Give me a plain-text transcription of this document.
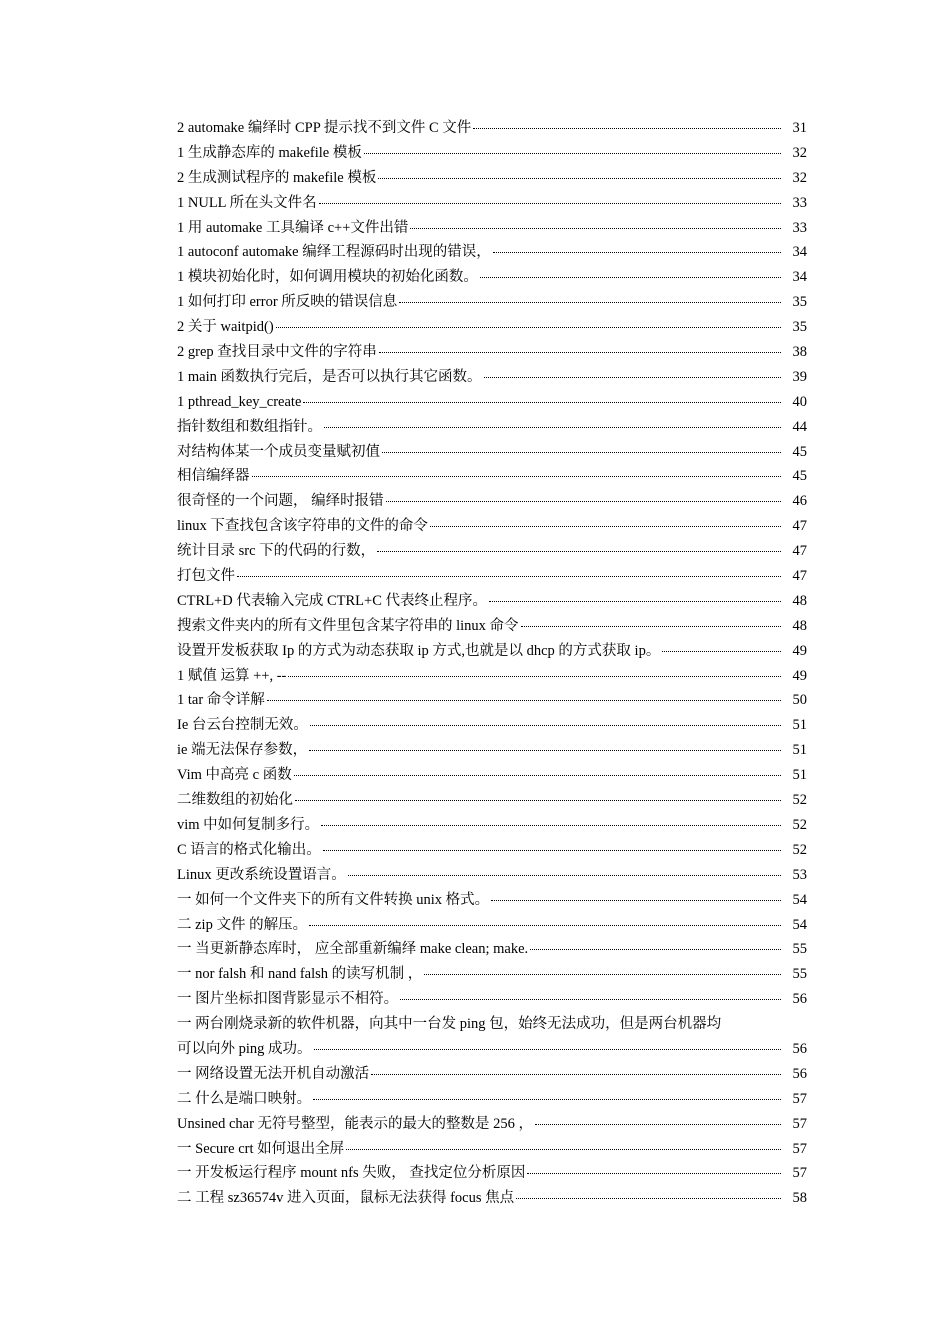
2 automake 编绎时 CPP 提示找不到文件 C 文件	31
1 生成静态库的 makefile 模板	32
2 生成测试程序的 makefile 模板	32
1 NULL 所在头文件名	33
1 用 automake 工具编译 c++文件出错	33
1 autoconf automake 编绎工程源码时出现的错误，	34
1 模块初始化时，如何调用模块的初始化函数。	34
1 如何打印 error 所反映的错误信息	35
2 关于 waitpid()	35
2 grep 查找目录中文件的字符串	38
1 main 函数执行完后，是否可以执行其它函数。	39
1 pthread_key_create	40
指针数组和数组指针。	44
对结构体某一个成员变量赋初值	45
相信编绎器	45
很奇怪的一个问题， 编绎时报错	46
linux 下查找包含该字符串的文件的命令	47
统计目录 src 下的代码的行数，	47
打包文件	47
CTRL+D 代表输入完成 CTRL+C 代表终止程序。	48
搜索文件夹内的所有文件里包含某字符串的 linux 命令	48
设置开发板获取 Ip 的方式为动态获取 ip 方式,也就是以 dhcp 的方式获取 ip。	49
1 赋值 运算 ++, --	49
1 tar 命令详解	50
Ie 台云台控制无效。	51
ie 端无法保存参数，	51
Vim 中高亮 c 函数	51
二维数组的初始化	52
vim 中如何复制多行。	52
C 语言的格式化输出。	52
Linux 更改系统设置语言。	53
一 如何一个文件夹下的所有文件转换 unix 格式。	54
二 zip 文件 的解压。	54
一 当更新静态库时， 应全部重新编绎 make clean; make.	55
一 nor falsh 和 nand falsh 的读写机制 ，	55
一 图片坐标扣图背影显示不相符。	56
一 两台刚烧录新的软件机器，向其中一台发 ping 包，始终无法成功，但是两台机器均
可以向外 ping 成功。	56
一 网络设置无法开机自动激活	56
二 什么是端口映射。	57
Unsined char 无符号整型，能表示的最大的整数是 256 ，	57
一 Secure crt 如何退出全屏	57
一 开发板运行程序 mount nfs 失败， 查找定位分析原因	57
二 工程 sz36574v 进入页面，鼠标无法获得 focus 焦点	58
